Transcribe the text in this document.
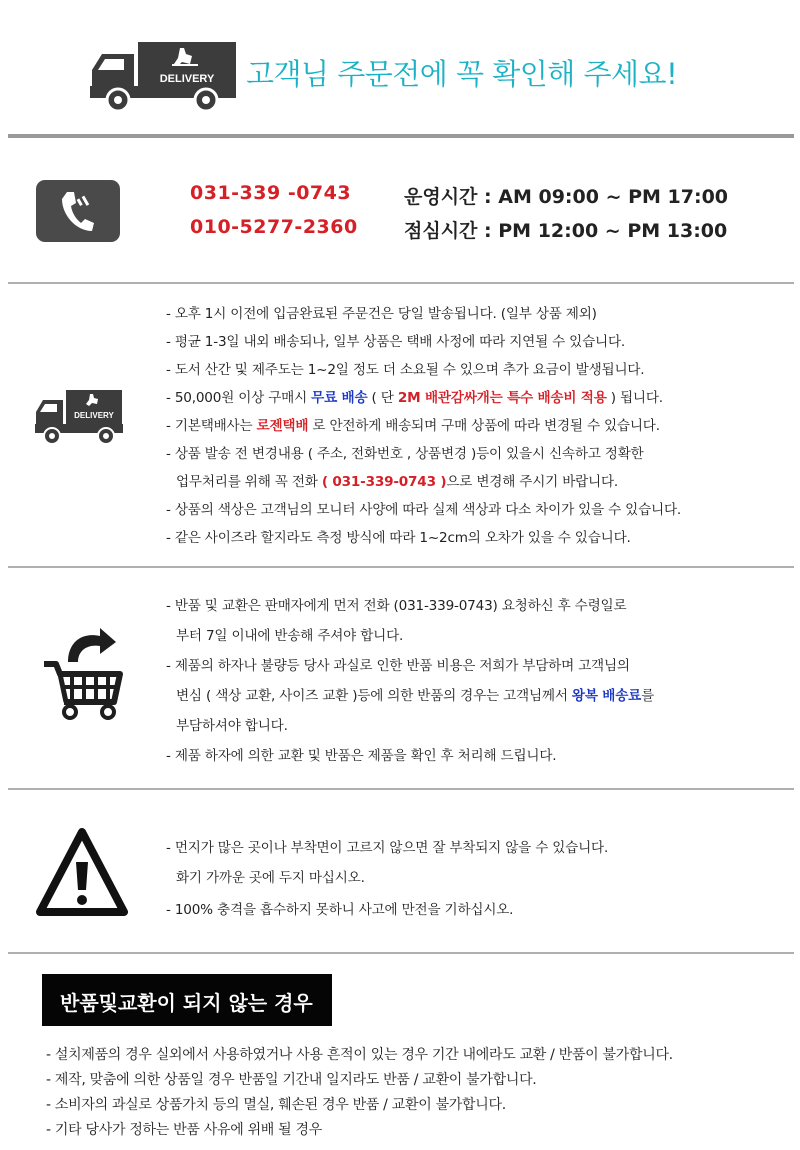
DELIVERY 고객님 주문전에 꼭 확인해 주세요!
031-339 -0743
010-5277-2360
운영시간 : AM 09:00 ~ PM 17:00
점심시간 : PM 12:00 ~ PM 13:00
DELIVERY
- 오후 1시 이전에 입금완료된 주문건은 당일 발송됩니다. (일부 상품 제외)
- 평균 1-3일 내외 배송되나, 일부 상품은 택배 사정에 따라 지연될 수 있습니다.
- 도서 산간 및 제주도는 1~2일 정도 더 소요될 수 있으며 추가 요금이 발생됩니다.
- 50,000원 이상 구매시 무료 배송 ( 단 2M 배관감싸개는 특수 배송비 적용 ) 됩니다.
- 기본택배사는 로젠택배 로 안전하게 배송되며 구매 상품에 따라 변경될 수 있습니다.
- 상품 발송 전 변경내용 ( 주소, 전화번호 , 상품변경 )등이 있을시 신속하고 정확한
업무처리를 위해 꼭 전화 ( 031-339-0743 )으로 변경해 주시기 바랍니다.
- 상품의 색상은 고객님의 모니터 사양에 따라 실제 색상과 다소 차이가 있을 수 있습니다.
- 같은 사이즈라 할지라도 측정 방식에 따라 1~2cm의 오차가 있을 수 있습니다.
- 반품 및 교환은 판매자에게 먼저 전화 (031-339-0743) 요청하신 후 수령일로
부터 7일 이내에 반송해 주셔야 합니다.
- 제품의 하자나 불량등 당사 과실로 인한 반품 비용은 저희가 부담하며 고객님의
변심 ( 색상 교환, 사이즈 교환 )등에 의한 반품의 경우는 고객님께서 왕복 배송료를
부담하셔야 합니다.
- 제품 하자에 의한 교환 및 반품은 제품을 확인 후 처리해 드립니다.
- 먼지가 많은 곳이나 부착면이 고르지 않으면 잘 부착되지 않을 수 있습니다.
화기 가까운 곳에 두지 마십시오.
- 100% 충격을 흡수하지 못하니 사고에 만전을 기하십시오.
반품및교환이 되지 않는 경우
- 설치제품의 경우 실외에서 사용하였거나 사용 흔적이 있는 경우 기간 내에라도 교환 / 반품이 불가합니다.
- 제작, 맞춤에 의한 상품일 경우 반품일 기간내 일지라도 반품 / 교환이 불가합니다.
- 소비자의 과실로 상품가치 등의 멸실, 훼손된 경우 반품 / 교환이 불가합니다.
- 기타 당사가 정하는 반품 사유에 위배 될 경우
